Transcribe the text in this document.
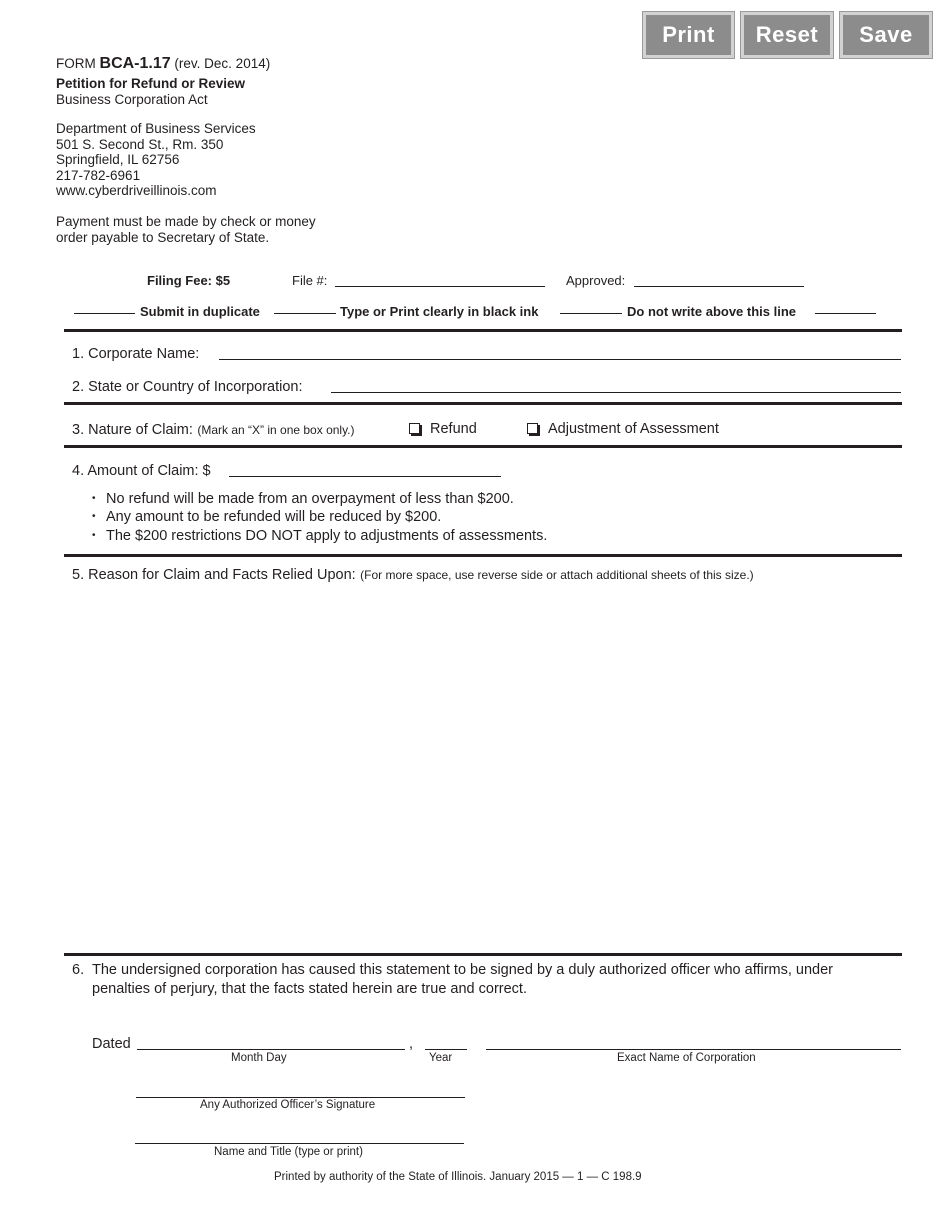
Print	Reset	Save
FORM BCA-1.17 (rev. Dec. 2014)
Petition for Refund or Review
Business Corporation Act
Department of Business Services
501 S. Second St., Rm. 350
Springfield, IL 62756
217-782-6961
www.cyberdriveillinois.com
Payment must be made by check or money
order payable to Secretary of State.
Filing Fee: $5	File #:	Approved:
Submit in duplicate	Type or Print clearly in black ink	Do not write above this line
1. Corporate Name:
2. State or Country of Incorporation:
3. Nature of Claim: (Mark an “X” in one box only.)	Refund	Adjustment of Assessment
4. Amount of Claim: $
• No refund will be made from an overpayment of less than $200.
• Any amount to be refunded will be reduced by $200.
• The $200 restrictions DO NOT apply to adjustments of assessments.
5. Reason for Claim and Facts Relied Upon: (For more space, use reverse side or attach additional sheets of this size.)
6. The undersigned corporation has caused this statement to be signed by a duly authorized officer who affirms, under
penalties of perjury, that the facts stated herein are true and correct.
Dated	,
Month Day	Year	Exact Name of Corporation
Any Authorized Officer’s Signature
Name and Title (type or print)
Printed by authority of the State of Illinois. January 2015 — 1 — C 198.9
